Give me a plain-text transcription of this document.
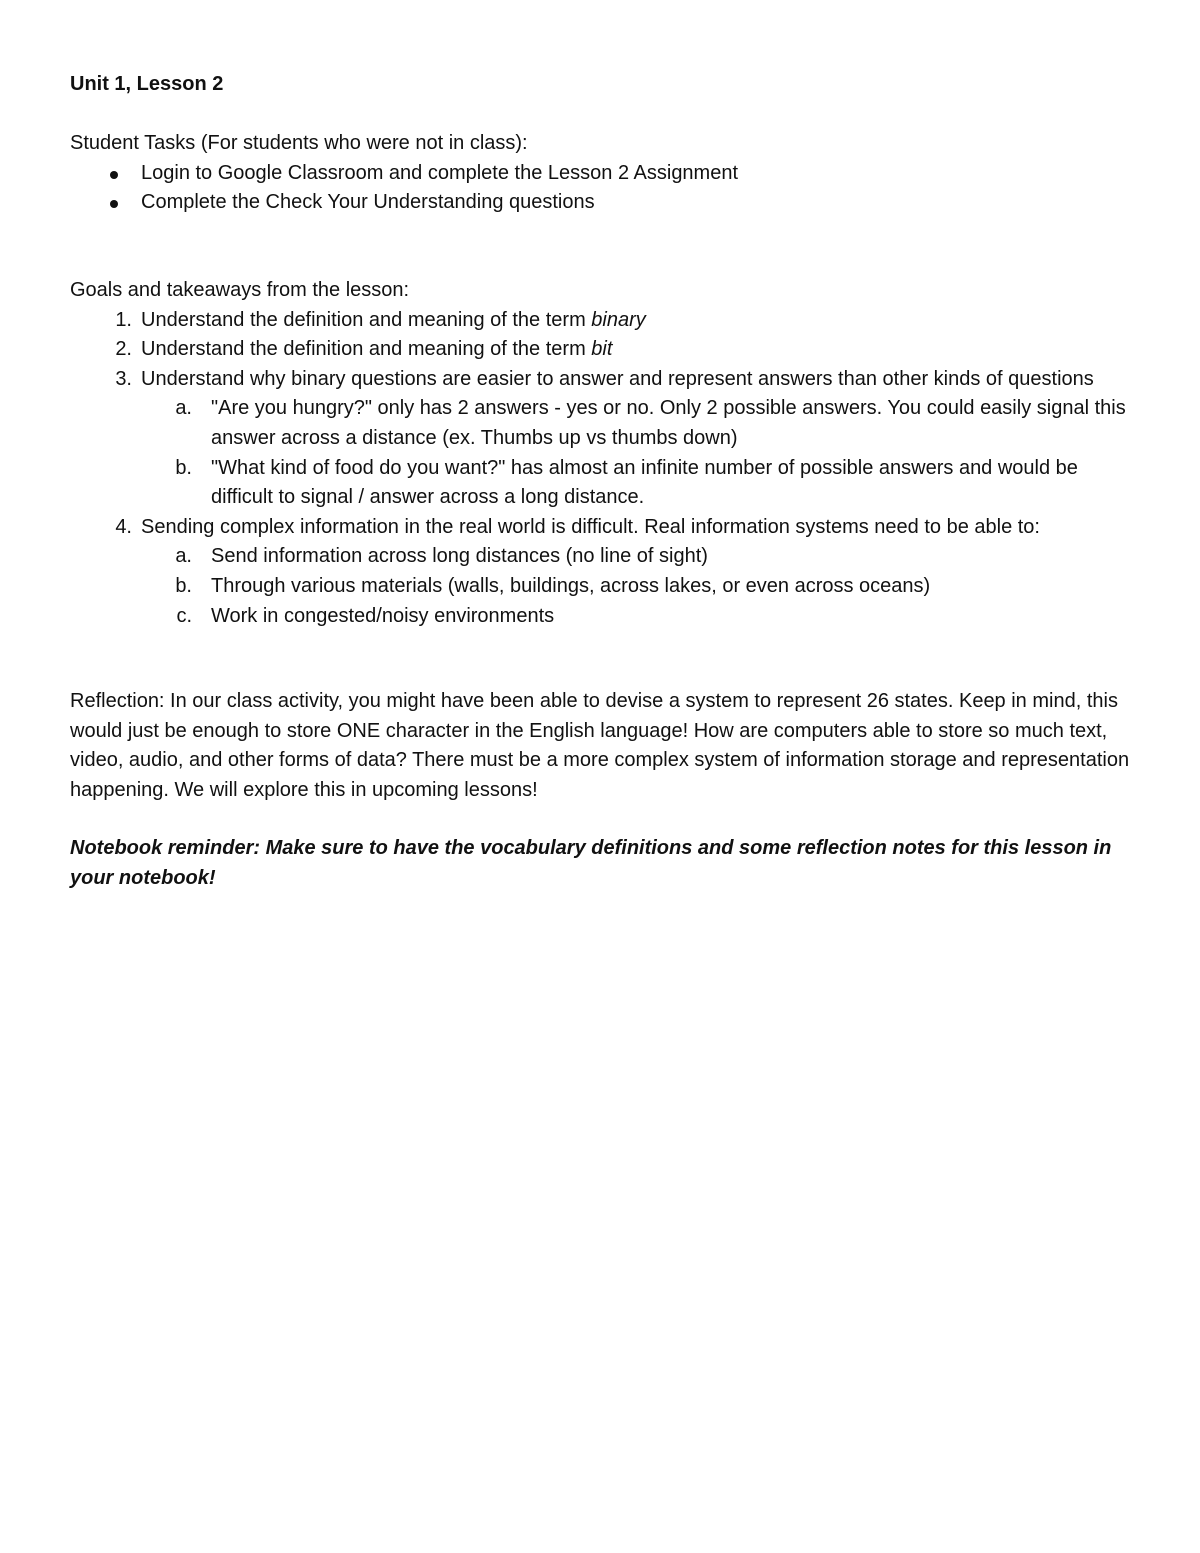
Unit 1, Lesson 2

Student Tasks (For students who were not in class):

Login to Google Classroom and complete the Lesson 2 Assignment
Complete the Check Your Understanding questions

Goals and takeaways from the lesson:

1. Understand the definition and meaning of the term binary
2. Understand the definition and meaning of the term bit
3. Understand why binary questions are easier to answer and represent answers than other kinds of questions
a. "Are you hungry?" only has 2 answers - yes or no. Only 2 possible answers. You could easily signal this answer across a distance (ex. Thumbs up vs thumbs down)
b. "What kind of food do you want?" has almost an infinite number of possible answers and would be difficult to signal / answer across a long distance.
4. Sending complex information in the real world is difficult. Real information systems need to be able to:
a. Send information across long distances (no line of sight)
b. Through various materials (walls, buildings, across lakes, or even across oceans)
c. Work in congested/noisy environments

Reflection: In our class activity, you might have been able to devise a system to represent 26 states. Keep in mind, this would just be enough to store ONE character in the English language! How are computers able to store so much text, video, audio, and other forms of data? There must be a more complex system of information storage and representation happening. We will explore this in upcoming lessons!

Notebook reminder: Make sure to have the vocabulary definitions and some reflection notes for this lesson in your notebook!
